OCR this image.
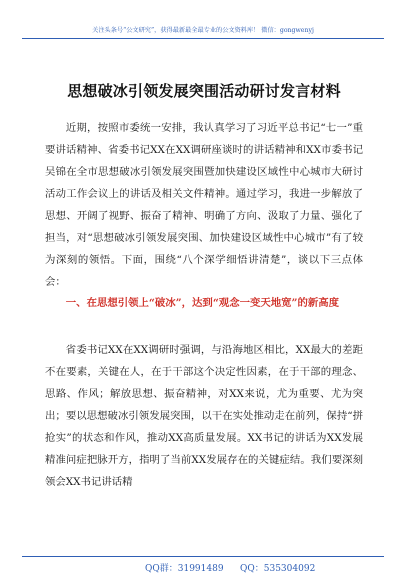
关注头条号“公文研究”，获得最新最全最专业的公文资料库！ 微信：gongwenyj
思想破冰引领发展突围活动研讨发言材料

近期，按照市委统一安排，我认真学习了习近平总书记“七一”重要讲话精神、省委书记XX在XX调研座谈时的讲话精神和XX市委书记吴锦在全市思想破冰引领发展突围暨加快建设区域性中心城市大研讨活动工作会议上的讲话及相关文件精神。通过学习，我进一步解放了思想、开阔了视野、振奋了精神、明确了方向、汲取了力量、强化了担当，对“思想破冰引领发展突围、加快建设区域性中心城市”有了较为深刻的领悟。下面，围绕“八个深学细悟讲清楚”，谈以下三点体会：

一、在思想引领上“破冰”，达到“观念一变天地宽”的新高度

省委书记XX在XX调研时强调，与沿海地区相比，XX最大的差距不在要素，关键在人，在于干部这个决定性因素，在于干部的理念、思路、作风；解放思想、振奋精神，对XX来说，尤为重要、尤为突出；要以思想破冰引领发展突围，以干在实处推动走在前列，保持“拼抢实”的状态和作风，推动XX高质量发展。XX书记的讲话为XX发展精准问症把脉开方，指明了当前XX发展存在的关键症结。我们要深刻领会XX书记讲话精

QQ群：31991489 QQ：535304092
